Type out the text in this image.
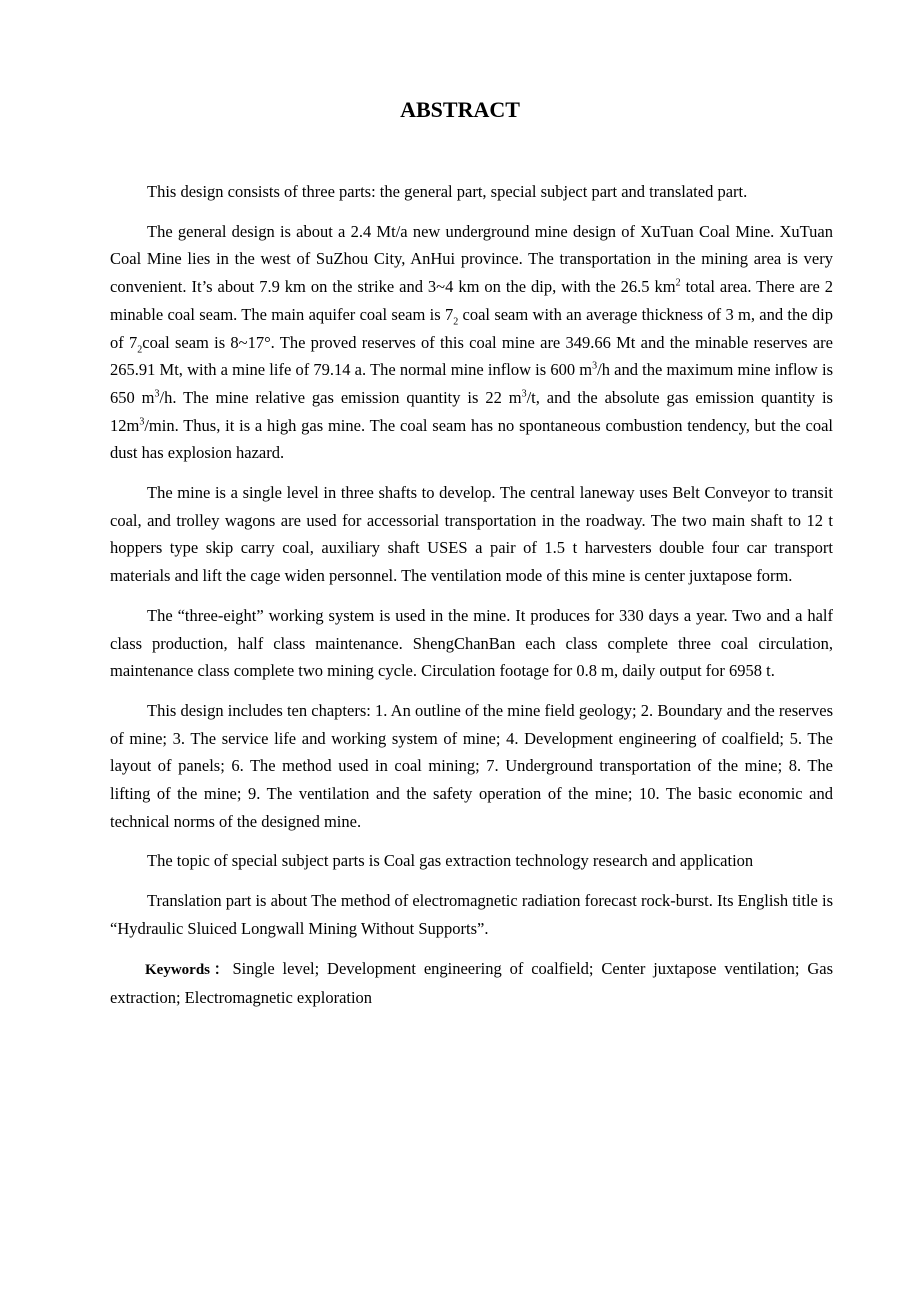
ABSTRACT

This design consists of three parts: the general part, special subject part and translated part.

The general design is about a 2.4 Mt/a new underground mine design of XuTuan Coal Mine. XuTuan Coal Mine lies in the west of SuZhou City, AnHui province. The transportation in the mining area is very convenient. It’s about 7.9 km on the strike and 3~4 km on the dip, with the 26.5 $km^2$ total area. There are 2 minable coal seam. The main aquifer coal seam is $7_2$ coal seam with an average thickness of 3 m, and the dip of $7_2coal$ seam is 8~17°. The proved reserves of this coal mine are 349.66 Mt and the minable reserves are 265.91 Mt, with a mine life of 79.14 a. The normal mine inflow is 600 $m^3/h$ and the maximum mine inflow is 650 $m^3/h$. The mine relative gas emission quantity is 22 $m^3/t$, and the absolute gas emission quantity is $12m^3/\min$. Thus, it is a high gas mine. The coal seam has no spontaneous combustion tendency, but the coal dust has explosion hazard.

The mine is a single level in three shafts to develop. The central laneway uses Belt Conveyor to transit coal, and trolley wagons are used for accessorial transportation in the roadway. The two main shaft to 12 t hoppers type skip carry coal, auxiliary shaft USES a pair of 1.5 t harvesters double four car transport materials and lift the cage widen personnel. The ventilation mode of this mine is center juxtapose form.

The “three-eight” working system is used in the mine. It produces for 330 days a year. Two and a half class production, half class maintenance. ShengChanBan each class complete three coal circulation, maintenance class complete two mining cycle. Circulation footage for 0.8 m, daily output for 6958 t.

This design includes ten chapters: 1. An outline of the mine field geology; 2. Boundary and the reserves of mine; 3. The service life and working system of mine; 4. Development engineering of coalfield; 5. The layout of panels; 6. The method used in coal mining; 7. Underground transportation of the mine; 8. The lifting of the mine; 9. The ventilation and the safety operation of the mine; 10. The basic economic and technical norms of the designed mine.

The topic of special subject parts is Coal gas extraction technology research and application

Translation part is about The method of electromagnetic radiation forecast rock-burst. Its English title is “Hydraulic Sluiced Longwall Mining Without Supports”.

Keywords：Single level; Development engineering of coalfield; Center juxtapose ventilation; Gas extraction; Electromagnetic exploration
